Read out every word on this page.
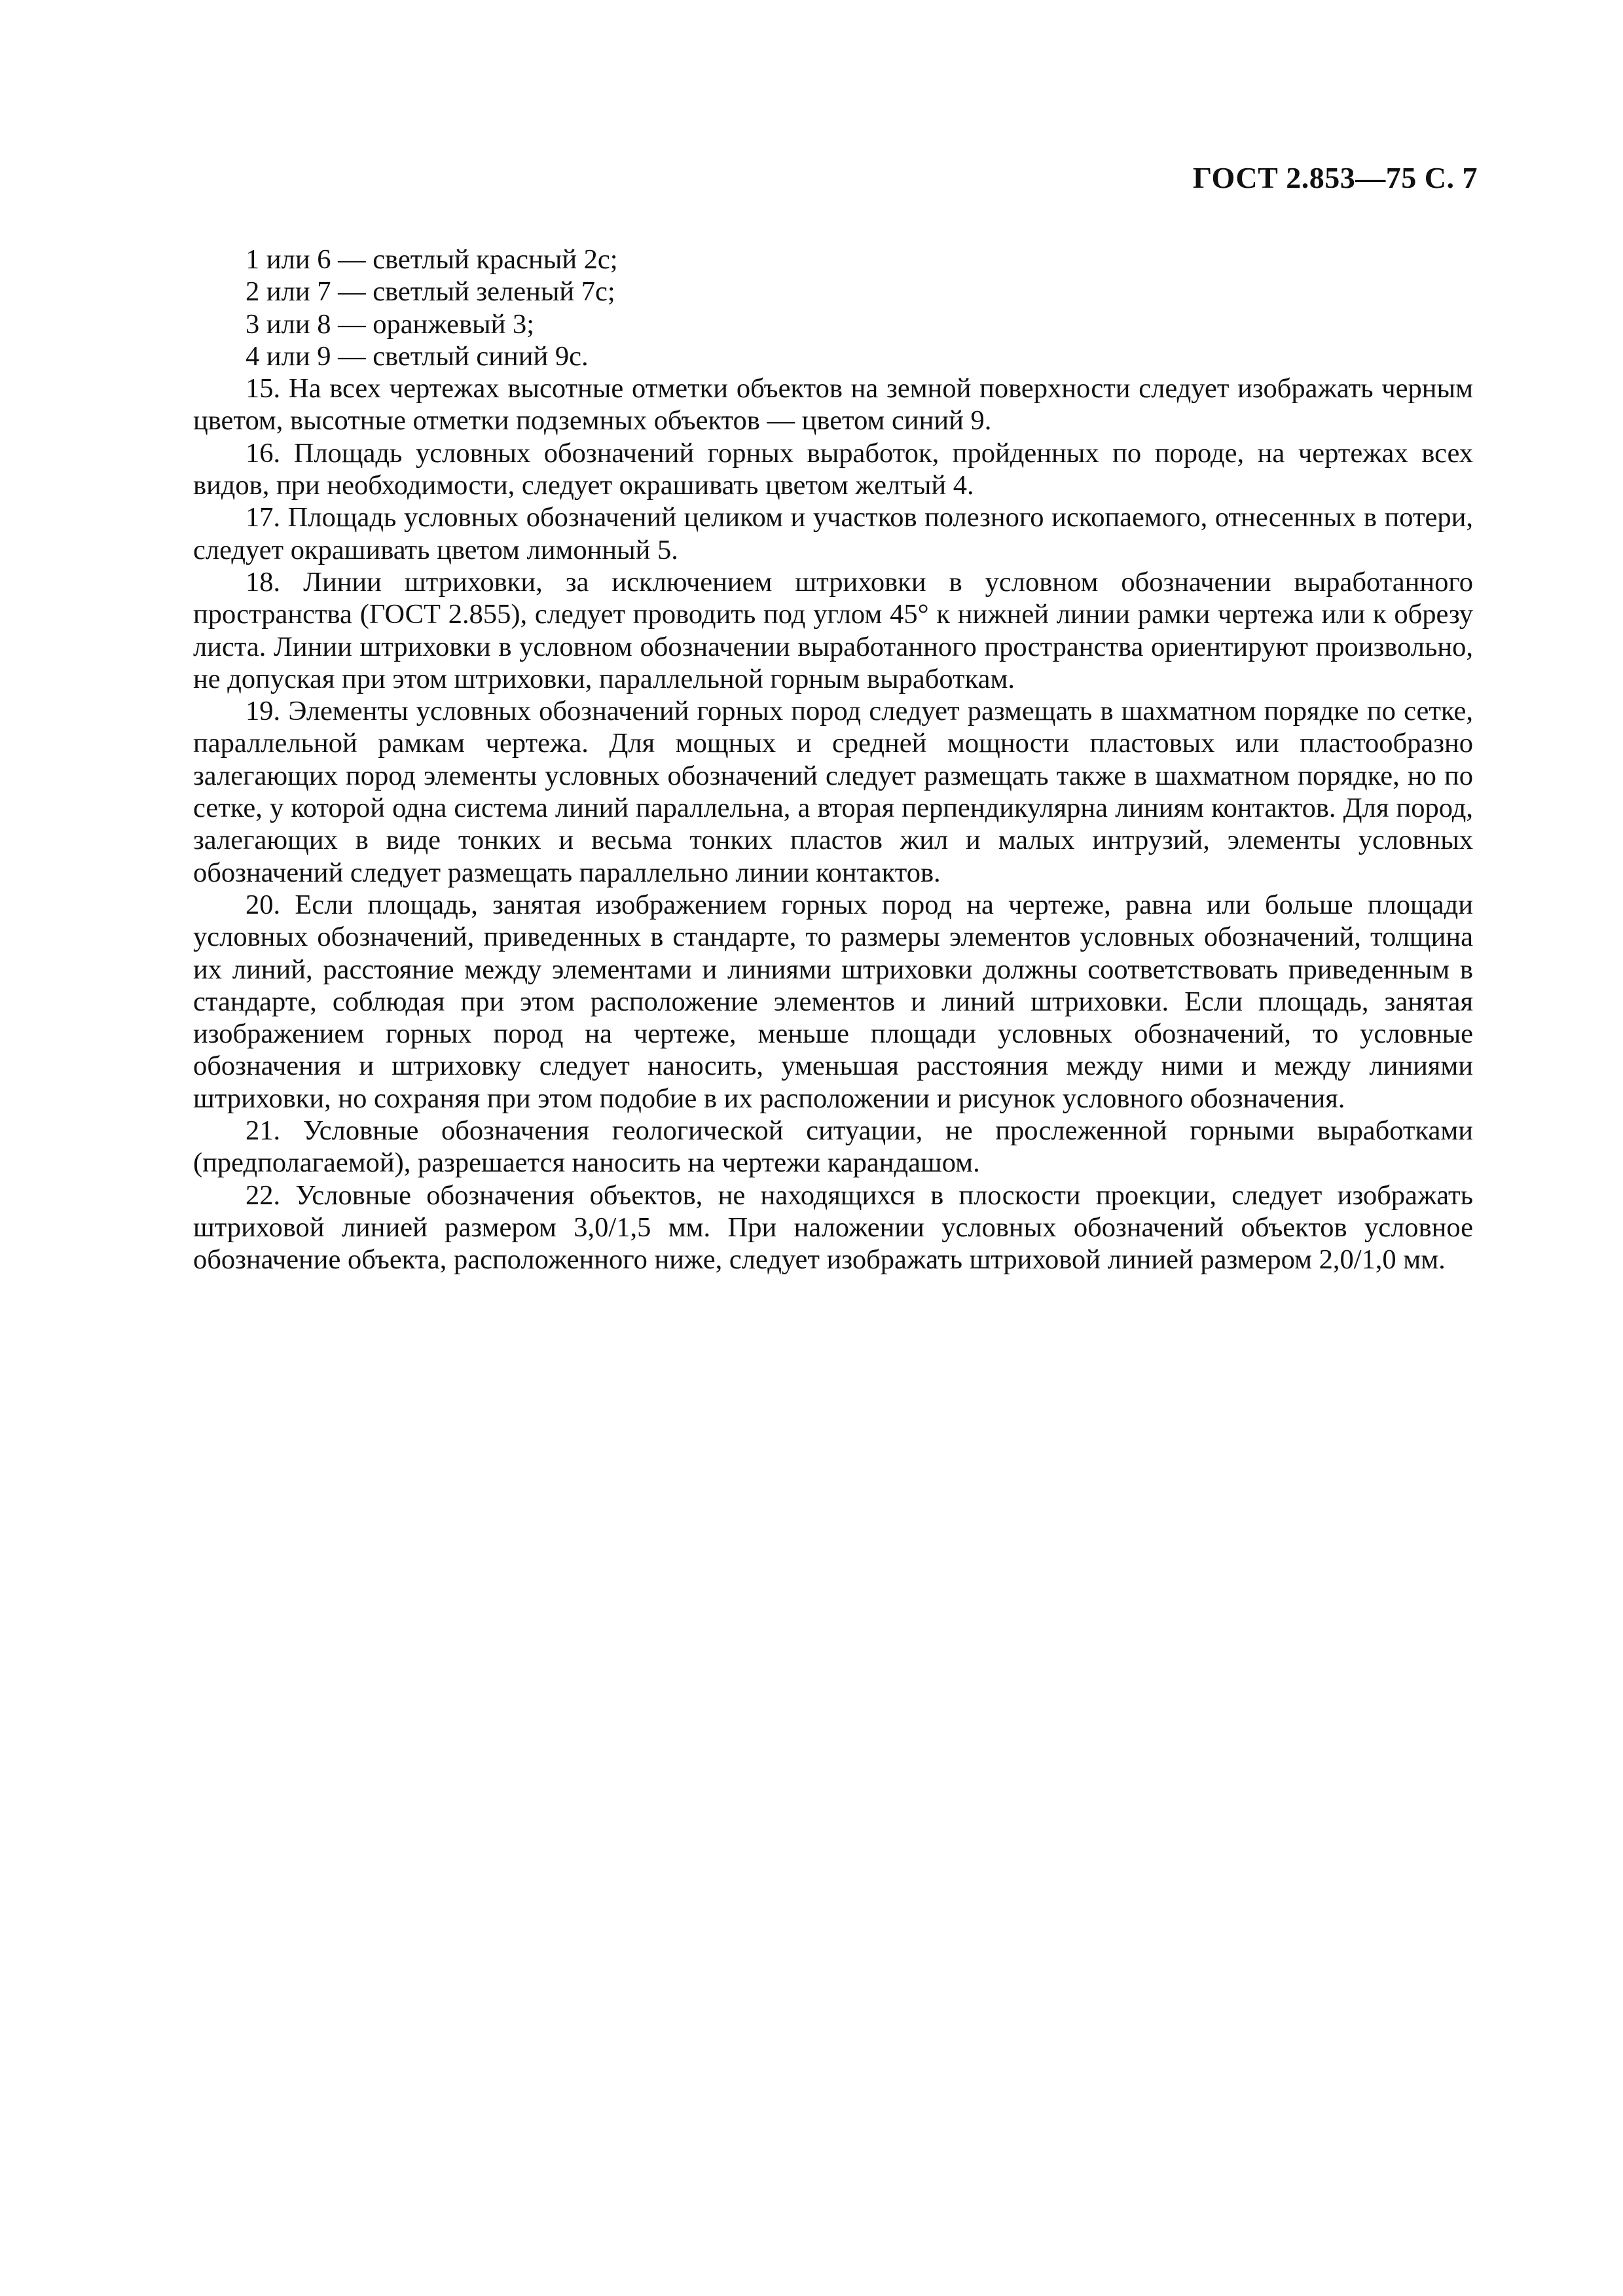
ГОСТ 2.853—75 С. 7

1 или 6 — светлый красный 2с;

2 или 7 — светлый зеленый 7с;

3 или 8 — оранжевый 3;

4 или 9 — светлый синий 9с.

15. На всех чертежах высотные отметки объектов на земной поверхности следует изображать черным цветом, высотные отметки подземных объектов — цветом синий 9.

16. Площадь условных обозначений горных выработок, пройденных по породе, на чертежах всех видов, при необходимости, следует окрашивать цветом желтый 4.

17. Площадь условных обозначений целиком и участков полезного ископаемого, отнесенных в потери, следует окрашивать цветом лимонный 5.

18. Линии штриховки, за исключением штриховки в условном обозначении выработанного пространства (ГОСТ 2.855), следует проводить под углом 45° к нижней линии рамки чертежа или к обрезу листа. Линии штриховки в условном обозначении выработанного пространства ориентируют произвольно, не допуская при этом штриховки, параллельной горным выработкам.

19. Элементы условных обозначений горных пород следует размещать в шахматном порядке по сетке, параллельной рамкам чертежа. Для мощных и средней мощности пластовых или пластообразно залегающих пород элементы условных обозначений следует размещать также в шахматном порядке, но по сетке, у которой одна система линий параллельна, а вторая перпендикулярна линиям контактов. Для пород, залегающих в виде тонких и весьма тонких пластов жил и малых интрузий, элементы условных обозначений следует размещать параллельно линии контактов.

20. Если площадь, занятая изображением горных пород на чертеже, равна или больше площади условных обозначений, приведенных в стандарте, то размеры элементов условных обозначений, толщина их линий, расстояние между элементами и линиями штриховки должны соответствовать приведенным в стандарте, соблюдая при этом расположение элементов и линий штриховки. Если площадь, занятая изображением горных пород на чертеже, меньше площади условных обозначений, то условные обозначения и штриховку следует наносить, уменьшая расстояния между ними и между линиями штриховки, но сохраняя при этом подобие в их расположении и рисунок условного обозначения.

21. Условные обозначения геологической ситуации, не прослеженной горными выработками (предполагаемой), разрешается наносить на чертежи карандашом.

22. Условные обозначения объектов, не находящихся в плоскости проекции, следует изображать штриховой линией размером 3,0/1,5 мм. При наложении условных обозначений объектов условное обозначение объекта, расположенного ниже, следует изображать штриховой линией размером 2,0/1,0 мм.
